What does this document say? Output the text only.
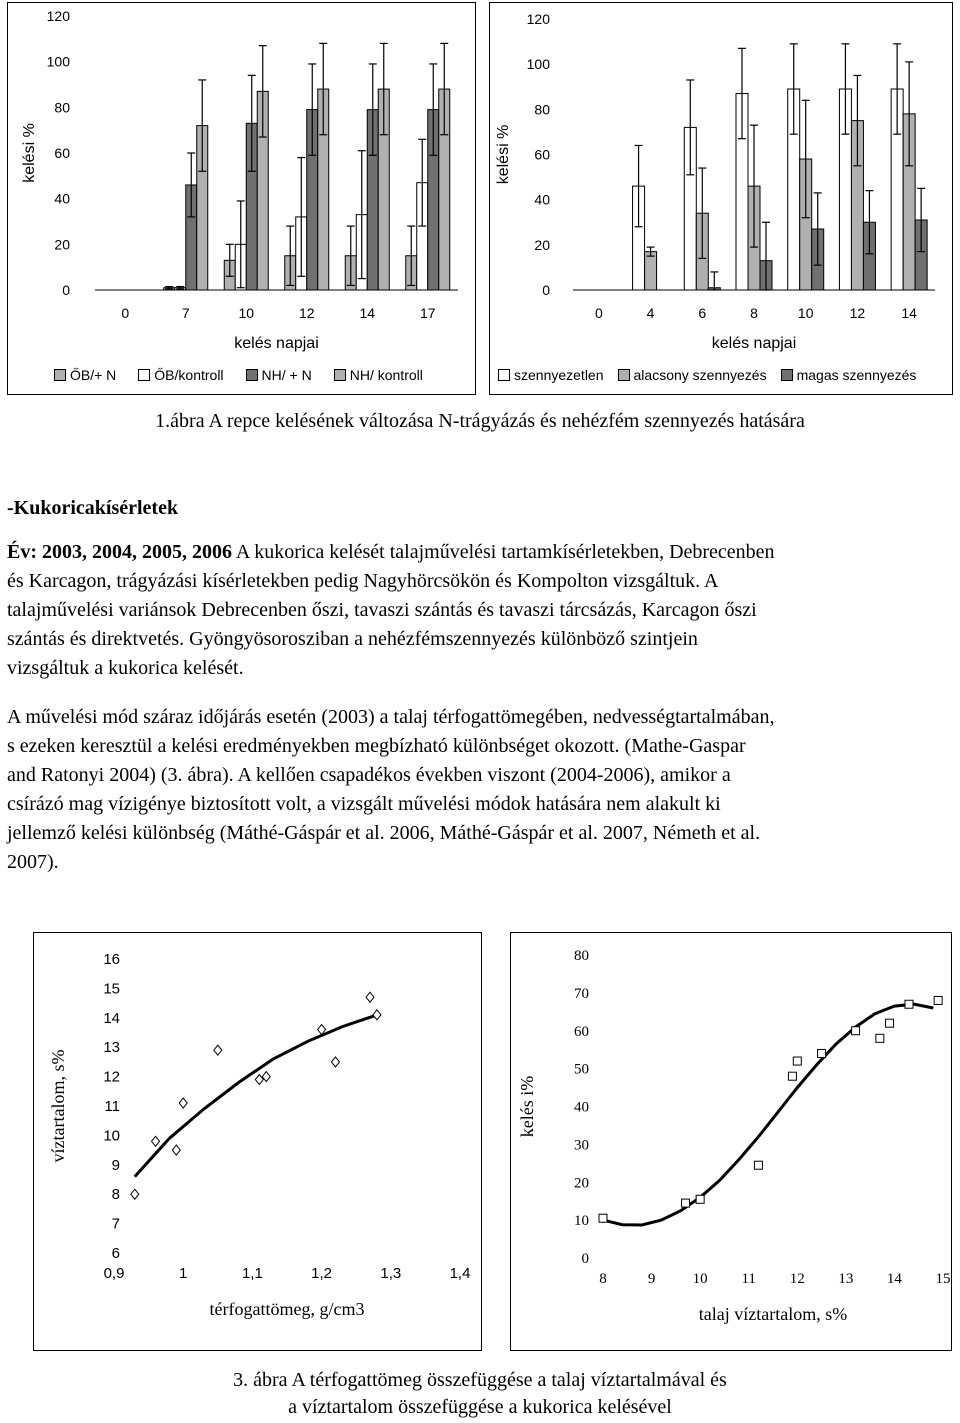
120
100
80
60
40
20
0
kelési %
0	7	10	12	14	17
kelés napjai
ŐB/+ N	ŐB/kontroll	NH/ + N	NH/ kontroll
120
100
80
60
40
20
0
kelési %
0	4	6	8	10	12	14
kelés napjai
szennyezetlen alacsony szennyezés magas szennyezés
1.ábra A repce kelésének változása N-trágyázás és nehézfém szennyezés hatására
-Kukoricakísérletek

Év: 2003, 2004, 2005, 2006 A kukorica kelését talajművelési tartamkísérletekben, Debrecenben

és Karcagon, trágyázási kísérletekben pedig Nagyhörcsökön és Kompolton vizsgáltuk. A

talajművelési variánsok Debrecenben őszi, tavaszi szántás és tavaszi tárcsázás, Karcagon őszi

szántás és direktvetés. Gyöngyösorosziban a nehézfémszennyezés különböző szintjein

vizsgáltuk a kukorica kelését.

A művelési mód száraz időjárás esetén (2003) a talaj térfogattömegében, nedvességtartalmában,

s ezeken keresztül a kelési eredményekben megbízható különbséget okozott. (Mathe-Gaspar

and Ratonyi 2004) (3. ábra). A kellően csapadékos években viszont (2004-2006), amikor a

csírázó mag vízigénye biztosított volt, a vizsgált művelési módok hatására nem alakult ki

jellemző kelési különbség (Máthé-Gáspár et al. 2006, Máthé-Gáspár et al. 2007, Németh et al.

2007).

16
15
14
13
12
11
10
9
8
7
6
0,9	1	1,1	1,2	1,3	1,4
víztartalom, s%
térfogattömeg, g/cm3
80
70
60
50
40
30
20
10
0
8	9 10 11 12 13 14 15
kelés i%
talaj víztartalom, s%
3. ábra A térfogattömeg összefüggése a talaj víztartalmával és
a víztartalom összefüggése a kukorica kelésével
